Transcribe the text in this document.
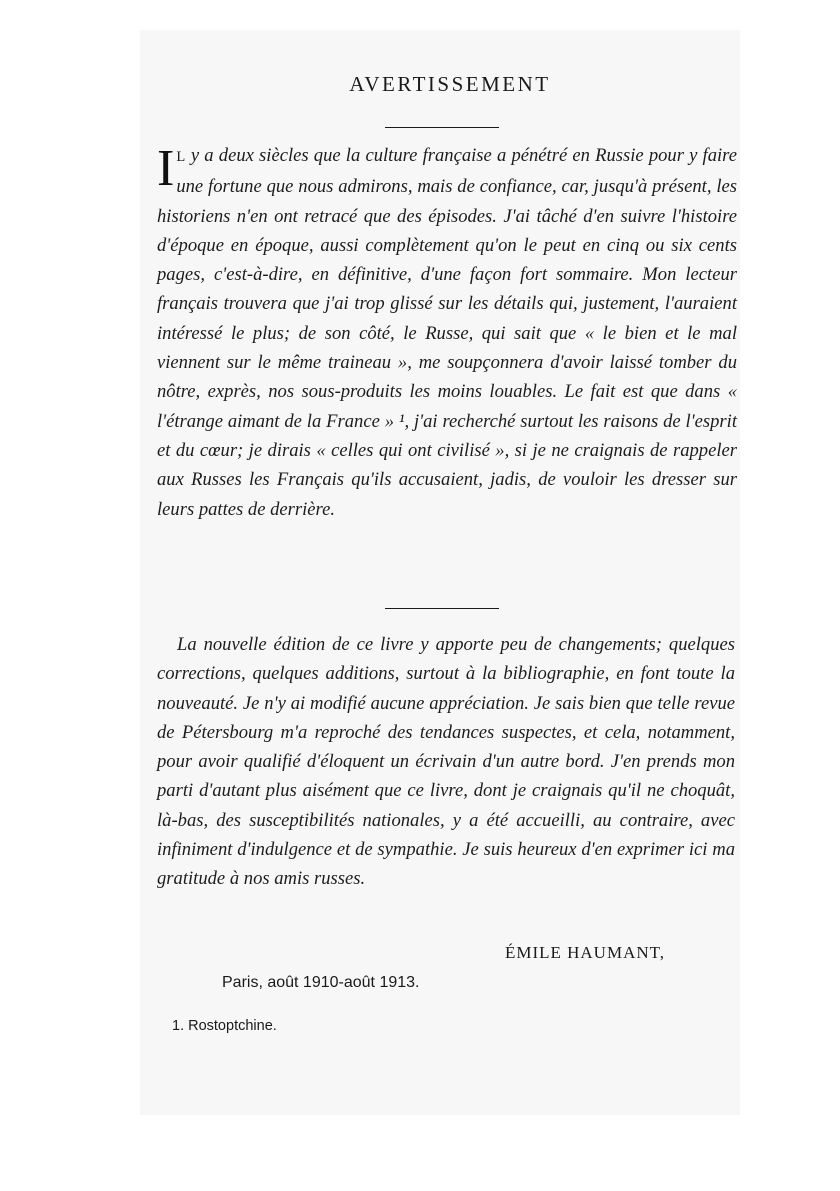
AVERTISSEMENT
I L y a deux siècles que la culture française a pénétré en Russie pour y faire une fortune que nous admirons, mais de confiance, car, jusqu'à présent, les historiens n'en ont retracé que des épisodes. J'ai tâché d'en suivre l'histoire d'époque en époque, aussi complètement qu'on le peut en cinq ou six cents pages, c'est-à-dire, en définitive, d'une façon fort sommaire. Mon lecteur français trouvera que j'ai trop glissé sur les détails qui, justement, l'auraient intéressé le plus; de son côté, le Russe, qui sait que « le bien et le mal viennent sur le même traineau », me soupçonnera d'avoir laissé tomber du nôtre, exprès, nos sous-produits les moins louables. Le fait est que dans « l'étrange aimant de la France » ¹, j'ai recherché surtout les raisons de l'esprit et du cœur; je dirais « celles qui ont civilisé », si je ne craignais de rappeler aux Russes les Français qu'ils accusaient, jadis, de vouloir les dresser sur leurs pattes de derrière.
La nouvelle édition de ce livre y apporte peu de changements; quelques corrections, quelques additions, surtout à la bibliographie, en font toute la nouveauté. Je n'y ai modifié aucune appréciation. Je sais bien que telle revue de Pétersbourg m'a reproché des tendances suspectes, et cela, notamment, pour avoir qualifié d'éloquent un écrivain d'un autre bord. J'en prends mon parti d'autant plus aisément que ce livre, dont je craignais qu'il ne choquât, là-bas, des susceptibilités nationales, y a été accueilli, au contraire, avec infiniment d'indulgence et de sympathie. Je suis heureux d'en exprimer ici ma gratitude à nos amis russes.
ÉMILE HAUMANT,
Paris, août 1910-août 1913.
1. Rostoptchine.
